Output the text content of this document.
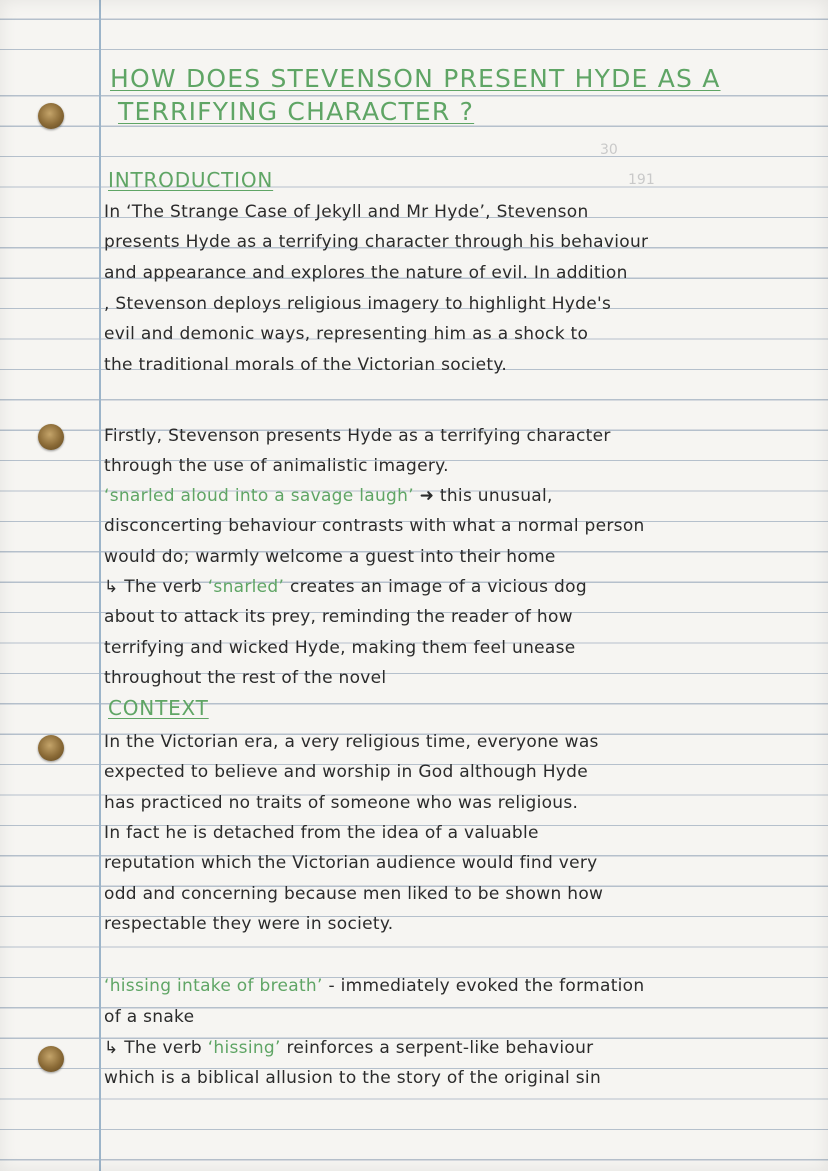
HOW DOES STEVENSON PRESENT HYDE AS A
TERRIFYING CHARACTER ?
30
191
INTRODUCTION
In ‘The Strange Case of Jekyll and Mr Hyde’, Stevenson
presents Hyde as a terrifying character through his behaviour
and appearance and explores the nature of evil. In addition
, Stevenson deploys religious imagery to highlight Hyde's
evil and demonic ways, representing him as a shock to
the traditional morals of the Victorian society.
Firstly, Stevenson presents Hyde as a terrifying character
through the use of animalistic imagery.
‘snarled aloud into a savage laugh’ ➜ this unusual,
disconcerting behaviour contrasts with what a normal person
would do; warmly welcome a guest into their home
↳ The verb ‘snarled’ creates an image of a vicious dog
about to attack its prey, reminding the reader of how
terrifying and wicked Hyde, making them feel unease
throughout the rest of the novel
CONTEXT
In the Victorian era, a very religious time, everyone was
expected to believe and worship in God although Hyde
has practiced no traits of someone who was religious.
In fact he is detached from the idea of a valuable
reputation which the Victorian audience would find very
odd and concerning because men liked to be shown how
respectable they were in society.
‘hissing intake of breath’ - immediately evoked the formation
of a snake
↳ The verb ‘hissing’ reinforces a serpent-like behaviour
which is a biblical allusion to the story of the original sin
